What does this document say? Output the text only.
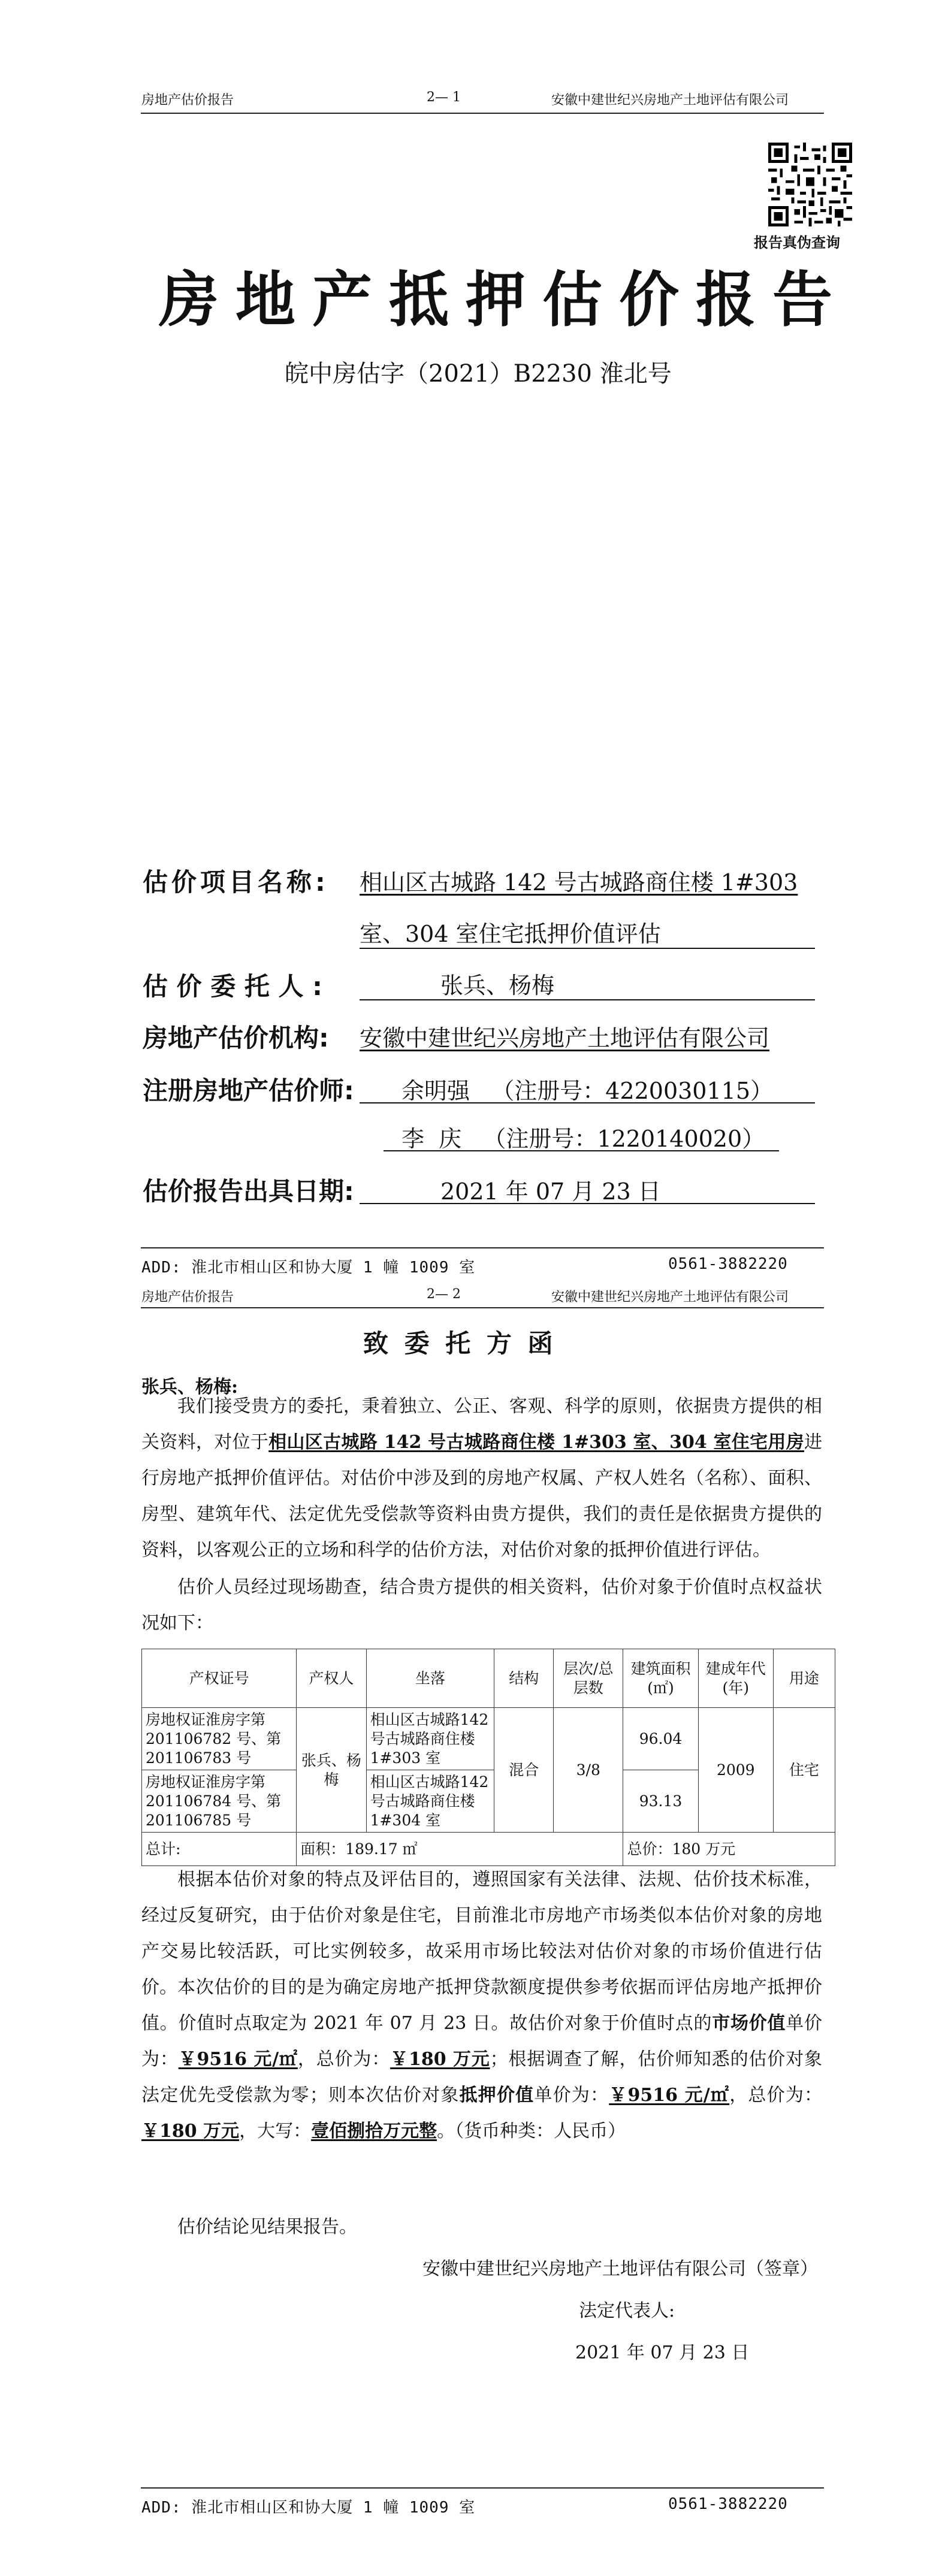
房地产估价报告	2— 1	安徽中建世纪兴房地产土地评估有限公司
报告真伪查询
房地产抵押估价报告
皖中房估字（2021）B2230 淮北号
估价项目名称: 相山区古城路 142 号古城路商住楼 1#303
室、304 室住宅抵押价值评估
估 价 委 托 人 :	张兵、杨梅
房地产估价机构: 安徽中建世纪兴房地产土地评估有限公司
注册房地产估价师: 余明强   （注册号：4220030115）
李  庆   （注册号：1220140020）
估价报告出具日期:	2021 年 07 月 23 日
ADD: 淮北市相山区和协大厦 1 幢 1009 室	0561-3882220
房地产估价报告	2— 2	安徽中建世纪兴房地产土地评估有限公司
致 委 托 方 函
张兵、杨梅:
我们接受贵方的委托，秉着独立、公正、客观、科学的原则，依据贵方提供的相关资料，对位于相山区古城路 142 号古城路商住楼 1#303 室、304 室住宅用房进行房地产抵押价值评估。对估价中涉及到的房地产权属、产权人姓名（名称）、面积、房型、建筑年代、法定优先受偿款等资料由贵方提供，我们的责任是依据贵方提供的资料，以客观公正的立场和科学的估价方法，对估价对象的抵押价值进行评估。
估价人员经过现场勘查，结合贵方提供的相关资料，估价对象于价值时点权益状况如下：
产权证号	产权人	坐落	结构	层次/总层数	建筑面积(㎡)	建成年代(年)	用途
房地权证淮房字第201106782 号、第201106783 号	张兵、杨梅	相山区古城路142 号古城路商住楼 1#303 室	混合	3/8	96.04	2009	住宅
房地权证淮房字第201106784 号、第201106785 号		相山区古城路142 号古城路商住楼 1#304 室			93.13		
总计:	面积：189.17 ㎡				总价：180 万元		
根据本估价对象的特点及评估目的，遵照国家有关法律、法规、估价技术标准，经过反复研究，由于估价对象是住宅，目前淮北市房地产市场类似本估价对象的房地产交易比较活跃，可比实例较多，故采用市场比较法对估价对象的市场价值进行估价。 本次估价的目的是为确定房地产抵押贷款额度提供参考依据而评估房地产抵押价值。价值时点取定为 2021 年 07 月 23 日。故估价对象于价值时点的市场价值单价为：￥9516 元/㎡，总价为：￥180 万元；根据调查了解，估价师知悉的估价对象法定优先受偿款为零；则本次估价对象抵押价值单价为：￥9516 元/㎡，总价为：￥180 万元，大写：壹佰捌拾万元整。（货币种类：人民币）
估价结论见结果报告。
安徽中建世纪兴房地产土地评估有限公司（签章）
法定代表人:
2021 年 07 月 23 日
ADD: 淮北市相山区和协大厦 1 幢 1009 室	0561-3882220
